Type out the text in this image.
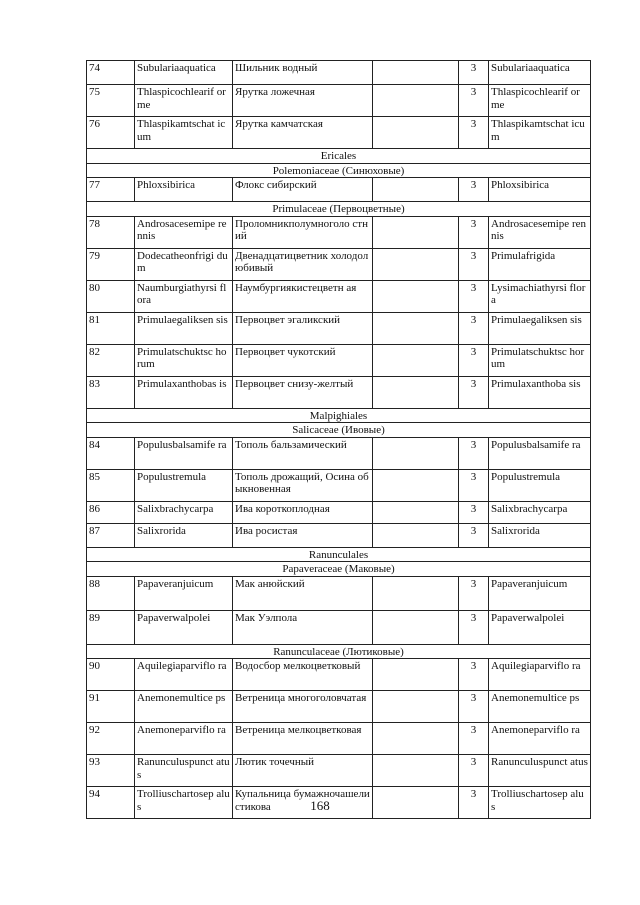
74	Subulariaaquatica	Шильник водный		3	Subulariaaquatica
75	Thlaspicochlearif orme	Ярутка ложечная		3	Thlaspicochlearif orme
76	Thlaspikamtschat icum	Ярутка камчатская		3	Thlaspikamtschat icum
Ericales					
Polemoniaceae (Синюховые)					
77	Phloxsibirica	Флокс сибирский		3	Phloxsibirica
Primulaceae (Первоцветные)					
78	Androsacesemipe rennis	Проломникполумноголо стний		3	Androsacesemipe rennis
79	Dodecatheonfrigi dum	Двенадцатицветник холодолюбивый		3	Primulafrigida
80	Naumburgiathyrsi flora	Наумбургиякистецветн ая		3	Lysimachiathyrsi flora
81	Primulaegaliksen sis	Первоцвет эгаликский		3	Primulaegaliksen sis
82	Primulatschuktsc horum	Первоцвет чукотский		3	Primulatschuktsc horum
83	Primulaxanthobas is	Первоцвет снизу-желтый		3	Primulaxanthoba sis
Malpighiales					
Salicaceae (Ивовые)					
84	Populusbalsamife ra	Тополь бальзамический		3	Populusbalsamife ra
85	Populustremula	Тополь дрожащий, Осина обыкновенная		3	Populustremula
86	Salixbrachycarpa	Ива короткоплодная		3	Salixbrachycarpa
87	Salixrorida	Ива росистая		3	Salixrorida
Ranunculales					
Papaveraceae (Маковые)					
88	Papaveranjuicum	Мак анюйский		3	Papaveranjuicum
89	Papaverwalpolei	Мак Уэлпола		3	Papaverwalpolei
Ranunculaceae (Лютиковые)					
90	Aquilegiaparviflo ra	Водосбор мелкоцветковый		3	Aquilegiaparviflo ra
91	Anemonemultice ps	Ветреница многоголовчатая		3	Anemonemultice ps
92	Anemoneparviflo ra	Ветреница мелкоцветковая		3	Anemoneparviflo ra
93	Ranunculuspunct atus	Лютик точечный		3	Ranunculuspunct atus
94	Trolliuschartosep alus	Купальница бумажночашелистикова		3	Trolliuschartosep alus
168
